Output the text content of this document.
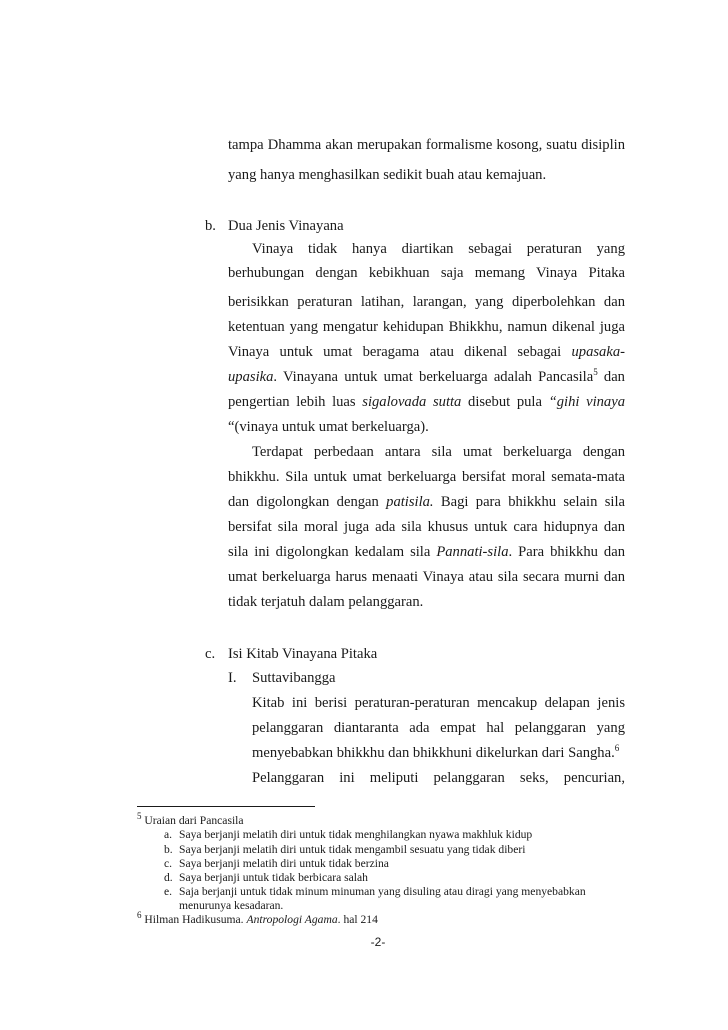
tampa Dhamma akan merupakan formalisme kosong, suatu disiplin
yang hanya menghasilkan sedikit buah atau kemajuan.
b. Dua Jenis Vinayana
Vinaya tidak hanya diartikan sebagai peraturan yang
berhubungan dengan kebikhuan saja memang Vinaya Pitaka
berisikkan peraturan latihan, larangan, yang diperbolehkan dan
ketentuan yang mengatur kehidupan Bhikkhu, namun dikenal juga
Vinaya untuk umat beragama atau dikenal sebagai upasaka-
upasika. Vinayana untuk umat berkeluarga adalah Pancasila$^5$ dan
pengertian lebih luas sigalovada sutta disebut pula “gihi vinaya
“(vinaya untuk umat berkeluarga).
Terdapat perbedaan antara sila umat berkeluarga dengan
bhikkhu. Sila untuk umat berkeluarga bersifat moral semata-mata
dan digolongkan dengan patisila. Bagi para bhikkhu selain sila
bersifat sila moral juga ada sila khusus untuk cara hidupnya dan
sila ini digolongkan kedalam sila Pannati-sila. Para bhikkhu dan
umat berkeluarga harus menaati Vinaya atau sila secara murni dan
tidak terjatuh dalam pelanggaran.
c. Isi Kitab Vinayana Pitaka
I. Suttavibangga
Kitab ini berisi peraturan-peraturan mencakup delapan jenis
pelanggaran diantaranta ada empat hal pelanggaran yang
menyebabkan bhikkhu dan bhikkhuni dikelurkan dari Sangha.$^6$
Pelanggaran ini meliputi pelanggaran seks, pencurian,
$^5$ Uraian dari Pancasila
a. Saya berjanji melatih diri untuk tidak menghilangkan nyawa makhluk kidup
b. Saya berjanji melatih diri untuk tidak mengambil sesuatu yang tidak diberi
c. Saya berjanji melatih diri untuk tidak berzina
d. Saya berjanji untuk tidak berbicara salah
e. Saja berjanji untuk tidak minum minuman yang disuling atau diragi yang menyebabkan
menurunya kesadaran.
$^6$ Hilman Hadikusuma. Antropologi Agama. hal 214
-2-
